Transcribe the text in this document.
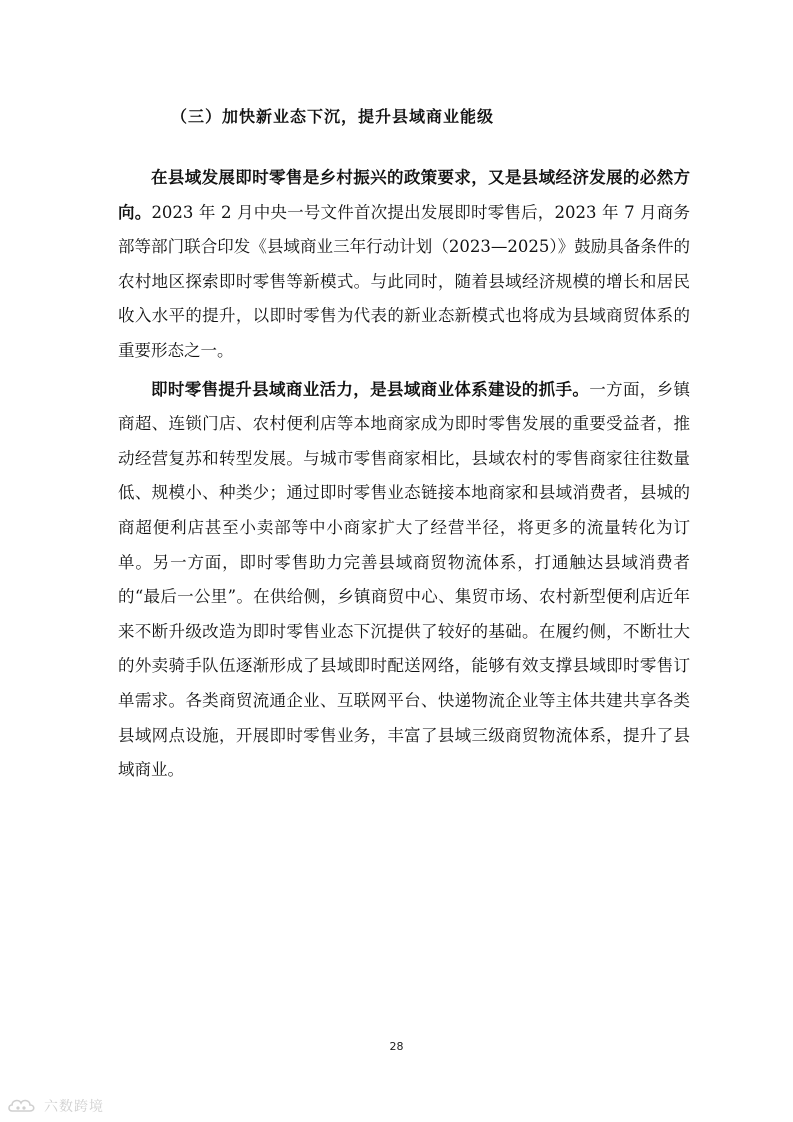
（三）加快新业态下沉，提升县域商业能级

在县域发展即时零售是乡村振兴的政策要求，又是县域经济发展的必然方向。2023 年 2 月中央一号文件首次提出发展即时零售后，2023 年 7 月商务部等部门联合印发《县域商业三年行动计划（2023—2025）》鼓励具备条件的农村地区探索即时零售等新模式。与此同时，随着县域经济规模的增长和居民收入水平的提升，以即时零售为代表的新业态新模式也将成为县域商贸体系的重要形态之一。

即时零售提升县域商业活力，是县域商业体系建设的抓手。一方面，乡镇商超、连锁门店、农村便利店等本地商家成为即时零售发展的重要受益者，推动经营复苏和转型发展。与城市零售商家相比，县域农村的零售商家往往数量低、规模小、种类少；通过即时零售业态链接本地商家和县域消费者，县城的商超便利店甚至小卖部等中小商家扩大了经营半径，将更多的流量转化为订单。另一方面，即时零售助力完善县域商贸物流体系，打通触达县域消费者的“最后一公里”。在供给侧，乡镇商贸中心、集贸市场、农村新型便利店近年来不断升级改造为即时零售业态下沉提供了较好的基础。在履约侧，不断壮大的外卖骑手队伍逐渐形成了县域即时配送网络，能够有效支撑县域即时零售订单需求。各类商贸流通企业、互联网平台、快递物流企业等主体共建共享各类县域网点设施，开展即时零售业务，丰富了县域三级商贸物流体系，提升了县域商业。

28
六数跨境
